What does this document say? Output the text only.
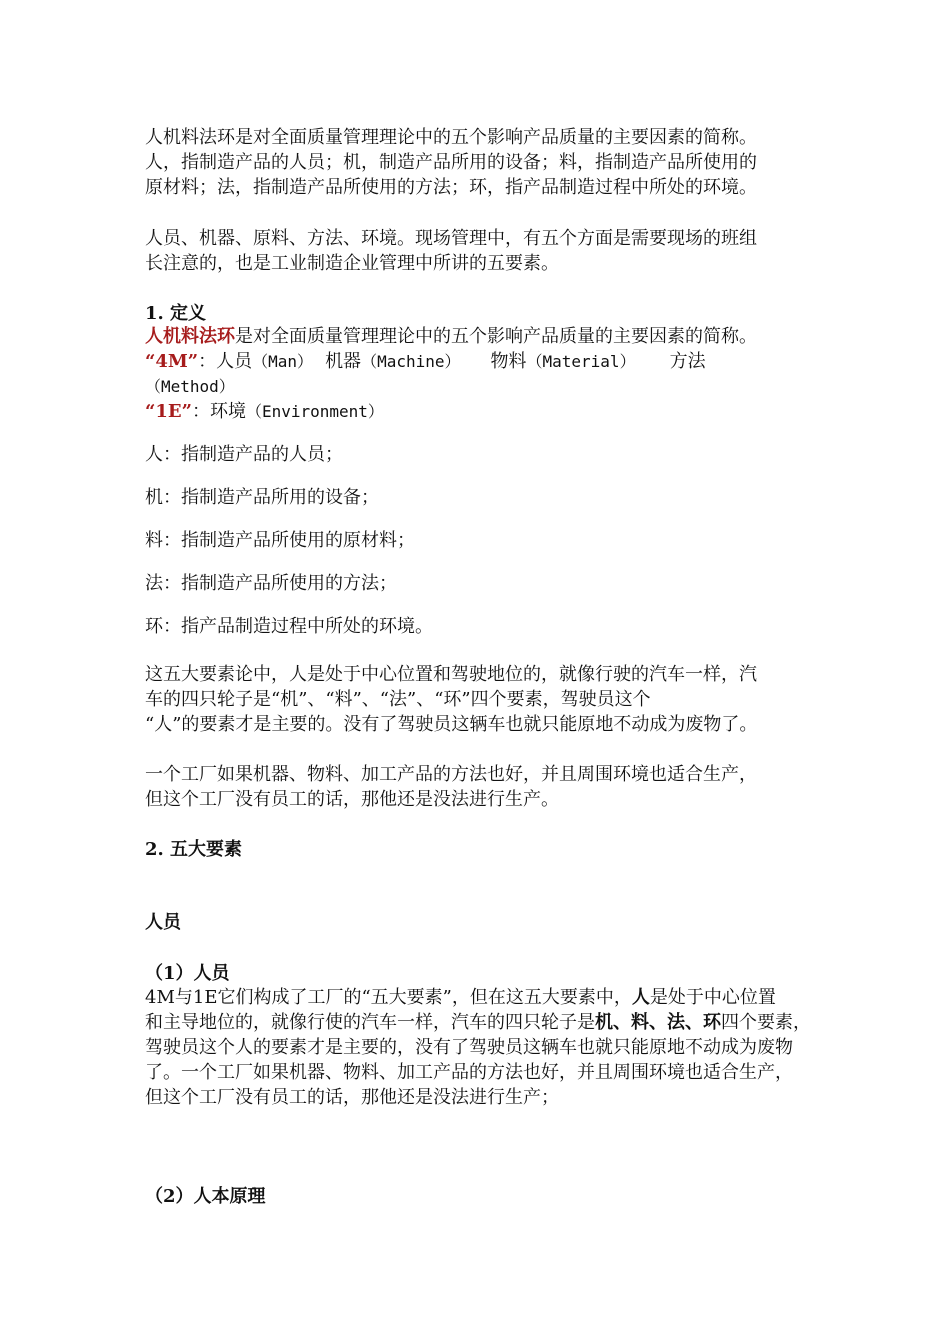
人机料法环是对全面质量管理理论中的五个影响产品质量的主要因素的简称。
人，指制造产品的人员；机，制造产品所用的设备；料，指制造产品所使用的
原材料；法，指制造产品所使用的方法；环，指产品制造过程中所处的环境。
人员、机器、原料、方法、环境。现场管理中，有五个方面是需要现场的班组
长注意的，也是工业制造企业管理中所讲的五要素。
1. 定义
人机料法环是对全面质量管理理论中的五个影响产品质量的主要因素的简称。
“4M”：人员（Man） 机器（Machine） 物料（Material） 方法
（Method）
“1E”：环境（Environment）
人：指制造产品的人员；
机：指制造产品所用的设备；
料：指制造产品所使用的原材料；
法：指制造产品所使用的方法；
环：指产品制造过程中所处的环境。
这五大要素论中，人是处于中心位置和驾驶地位的，就像行驶的汽车一样，汽
车的四只轮子是“机”、“料”、“法”、“环”四个要素，驾驶员这个
“人”的要素才是主要的。没有了驾驶员这辆车也就只能原地不动成为废物了。
一个工厂如果机器、物料、加工产品的方法也好，并且周围环境也适合生产，
但这个工厂没有员工的话，那他还是没法进行生产。
2. 五大要素
人员
（1）人员
4M与1E它们构成了工厂的“五大要素”，但在这五大要素中，人是处于中心位置
和主导地位的，就像行使的汽车一样，汽车的四只轮子是机、料、法、环四个要素，
驾驶员这个人的要素才是主要的，没有了驾驶员这辆车也就只能原地不动成为废物
了。一个工厂如果机器、物料、加工产品的方法也好，并且周围环境也适合生产，
但这个工厂没有员工的话，那他还是没法进行生产；
（2）人本原理
